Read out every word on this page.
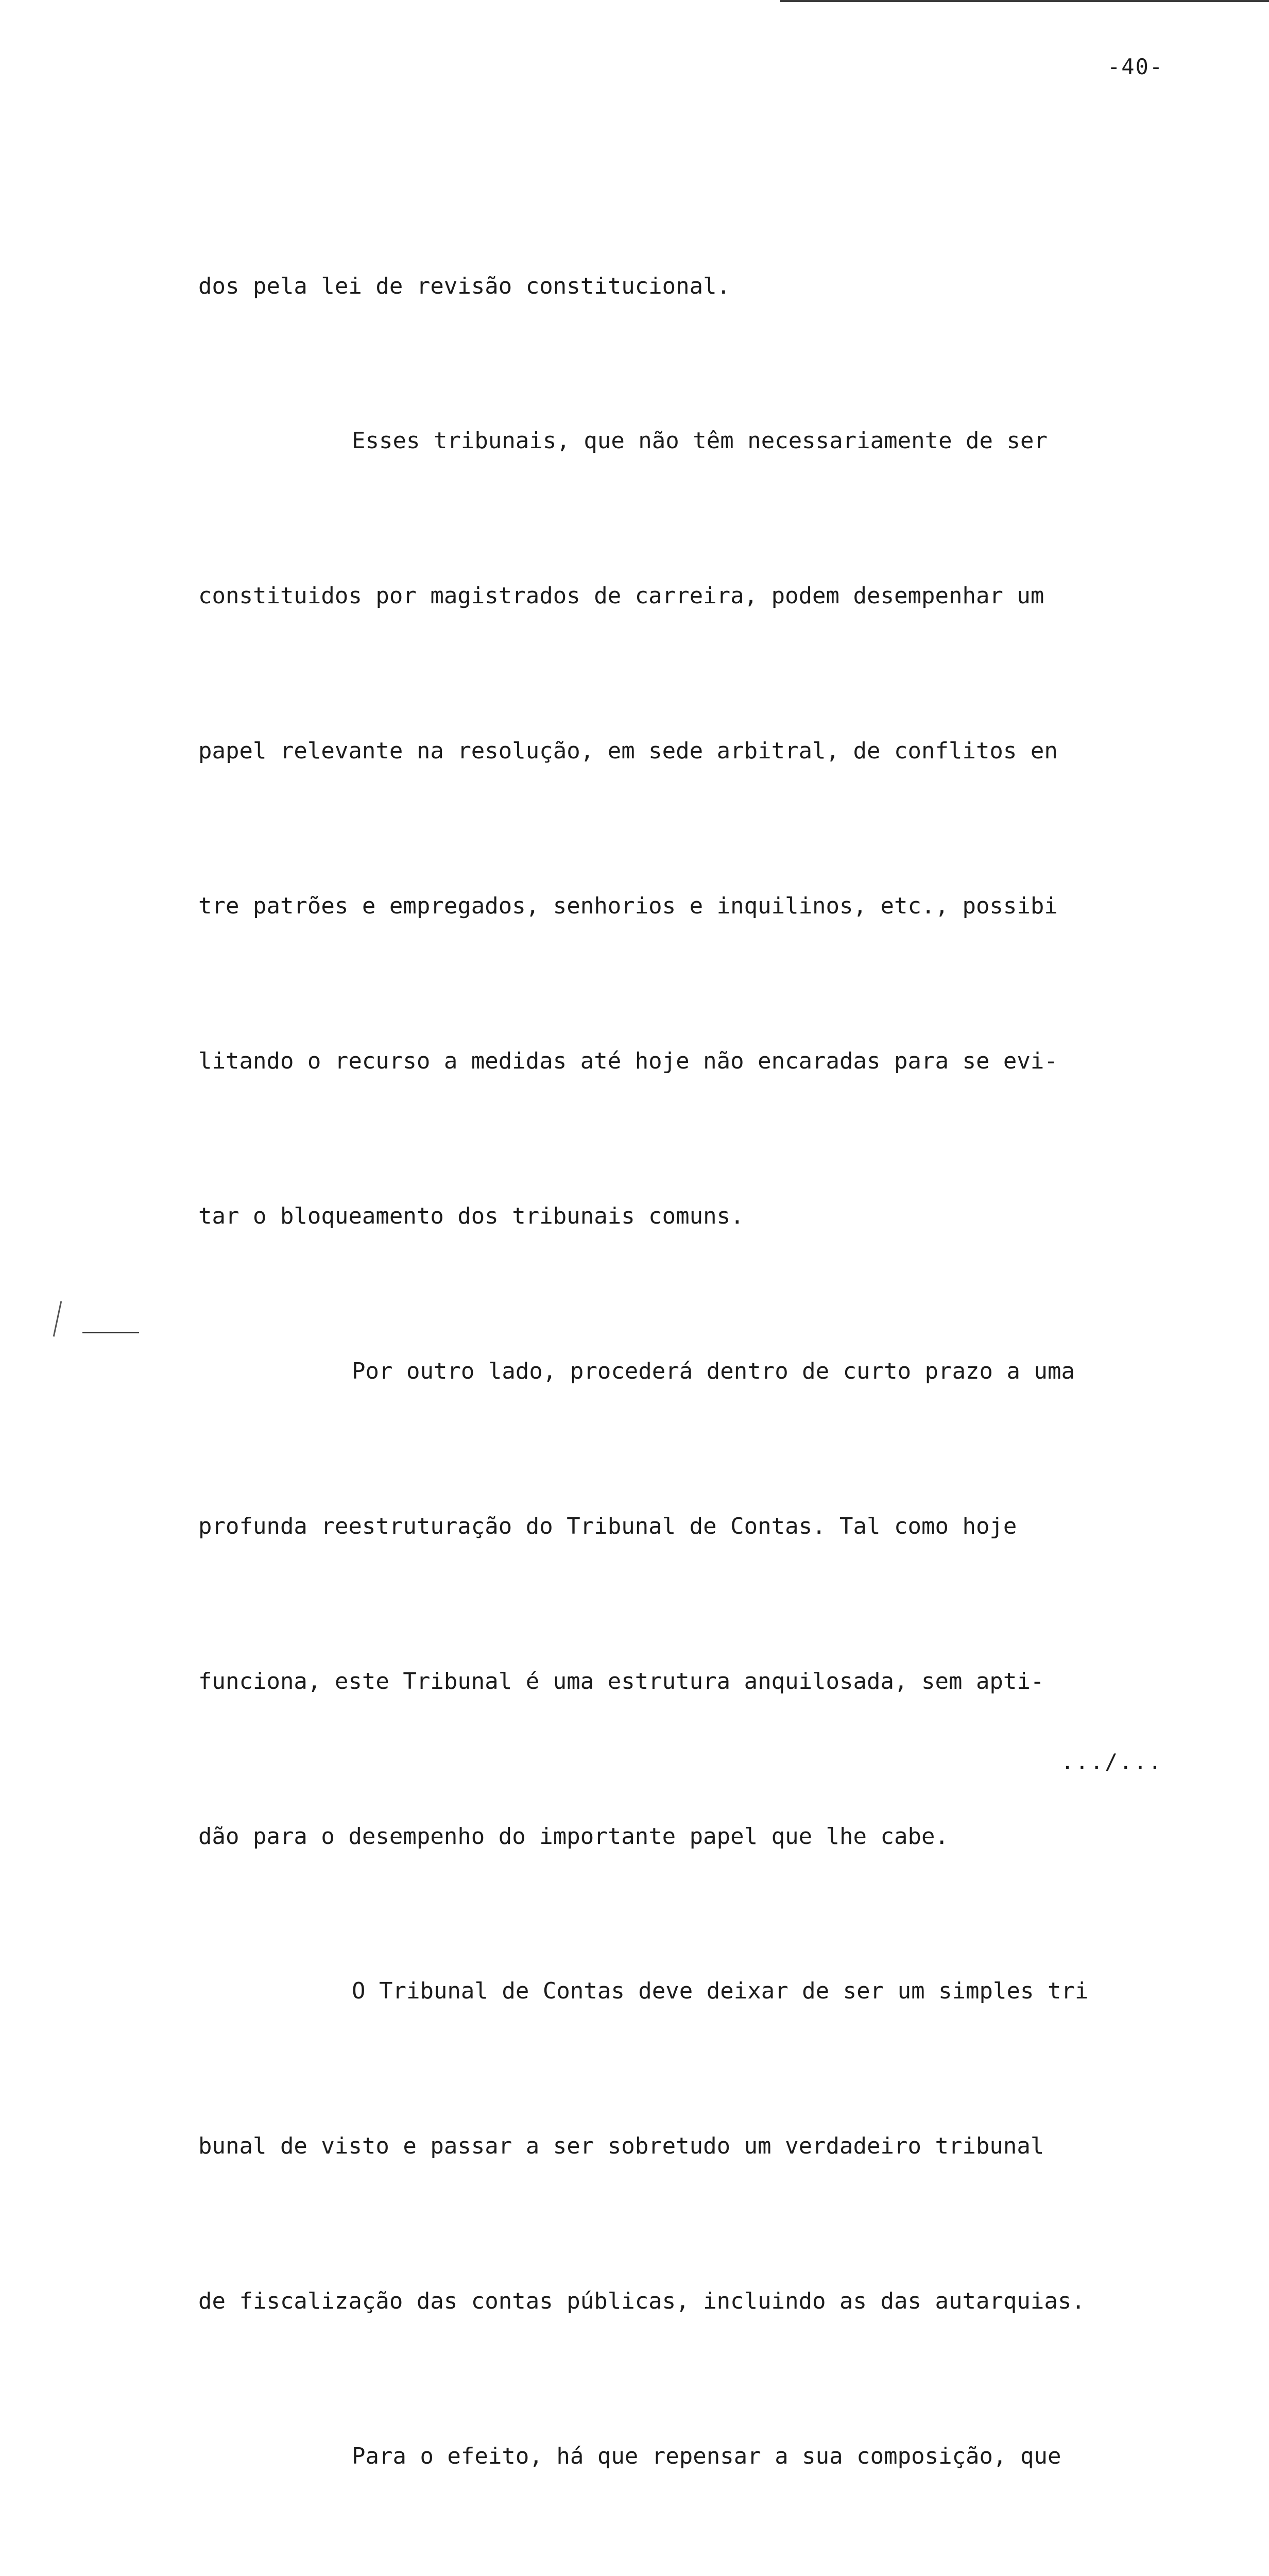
-40-

dos pela lei de revisão constitucional.

Esses tribunais, que não têm necessariamente de ser

constituidos por magistrados de carreira, podem desempenhar um

papel relevante na resolução, em sede arbitral, de conflitos en

tre patrões e empregados, senhorios e inquilinos, etc., possibi

litando o recurso a medidas até hoje não encaradas para se evi-

tar o bloqueamento dos tribunais comuns.

Por outro lado, procederá dentro de curto prazo a uma

profunda reestruturação do Tribunal de Contas. Tal como hoje

funciona, este Tribunal é uma estrutura anquilosada, sem apti-

dão para o desempenho do importante papel que lhe cabe.

O Tribunal de Contas deve deixar de ser um simples tri

bunal de visto e passar a ser sobretudo um verdadeiro tribunal

de fiscalização das contas públicas, incluindo as das autarquias.

Para o efeito, há que repensar a sua composição, que

.../...
